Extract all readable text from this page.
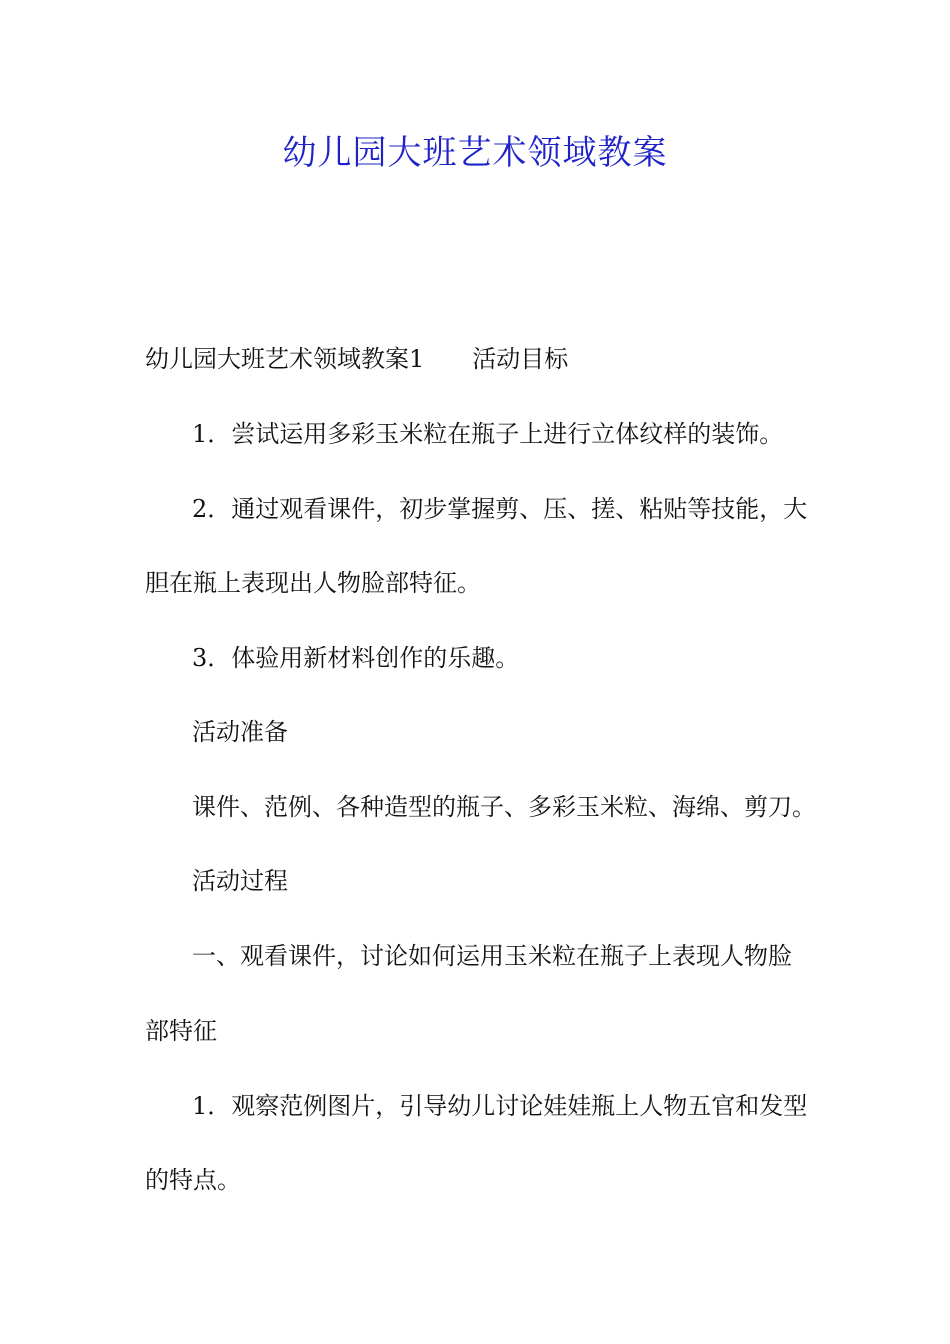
幼儿园大班艺术领域教案
幼儿园大班艺术领域教案1 活动目标
1．尝试运用多彩玉米粒在瓶子上进行立体纹样的装饰。
2．通过观看课件，初步掌握剪、压、搓、粘贴等技能，大
胆在瓶上表现出人物脸部特征。
3．体验用新材料创作的乐趣。
活动准备
课件、范例、各种造型的瓶子、多彩玉米粒、海绵、剪刀。
活动过程
一、观看课件，讨论如何运用玉米粒在瓶子上表现人物脸
部特征
1．观察范例图片，引导幼儿讨论娃娃瓶上人物五官和发型
的特点。
